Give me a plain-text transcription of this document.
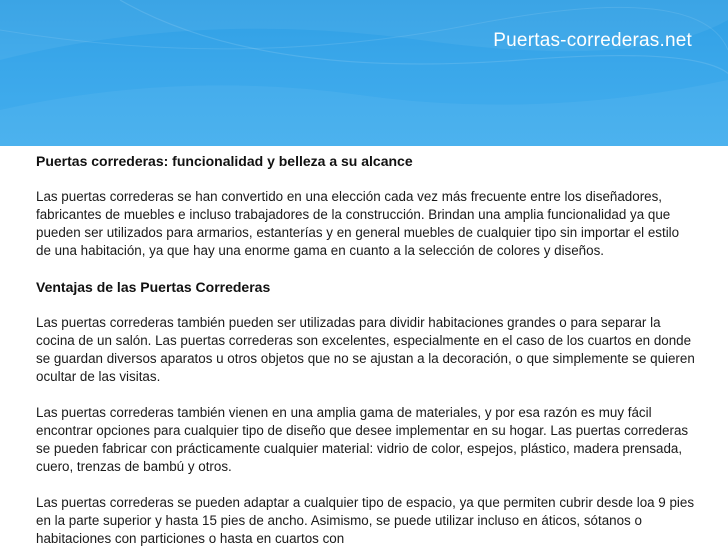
Puertas-correderas.net
Puertas correderas: funcionalidad y belleza a su alcance

Las puertas correderas se han convertido en una elección cada vez más frecuente entre los diseñadores, fabricantes de muebles e incluso trabajadores de la construcción. Brindan una amplia funcionalidad ya que pueden ser utilizados para armarios, estanterías y en general muebles de cualquier tipo sin importar el estilo de una habitación, ya que hay una enorme gama en cuanto a la selección de colores y diseños.

Ventajas de las Puertas Correderas

Las puertas correderas también pueden ser utilizadas para dividir habitaciones grandes o para separar la cocina de un salón. Las puertas correderas son excelentes, especialmente en el caso de los cuartos en donde se guardan diversos aparatos u otros objetos que no se ajustan a la decoración, o que simplemente se quieren ocultar de las visitas.

Las puertas correderas también vienen en una amplia gama de materiales, y por esa razón es muy fácil encontrar opciones para cualquier tipo de diseño que desee implementar en su hogar. Las puertas correderas se pueden fabricar con prácticamente cualquier material: vidrio de color, espejos, plástico, madera prensada, cuero, trenzas de bambú y otros.

Las puertas correderas se pueden adaptar a cualquier tipo de espacio, ya que permiten cubrir desde loa 9 pies en la parte superior y hasta 15 pies de ancho. Asimismo, se puede utilizar incluso en áticos, sótanos o habitaciones con particiones o hasta en cuartos con
